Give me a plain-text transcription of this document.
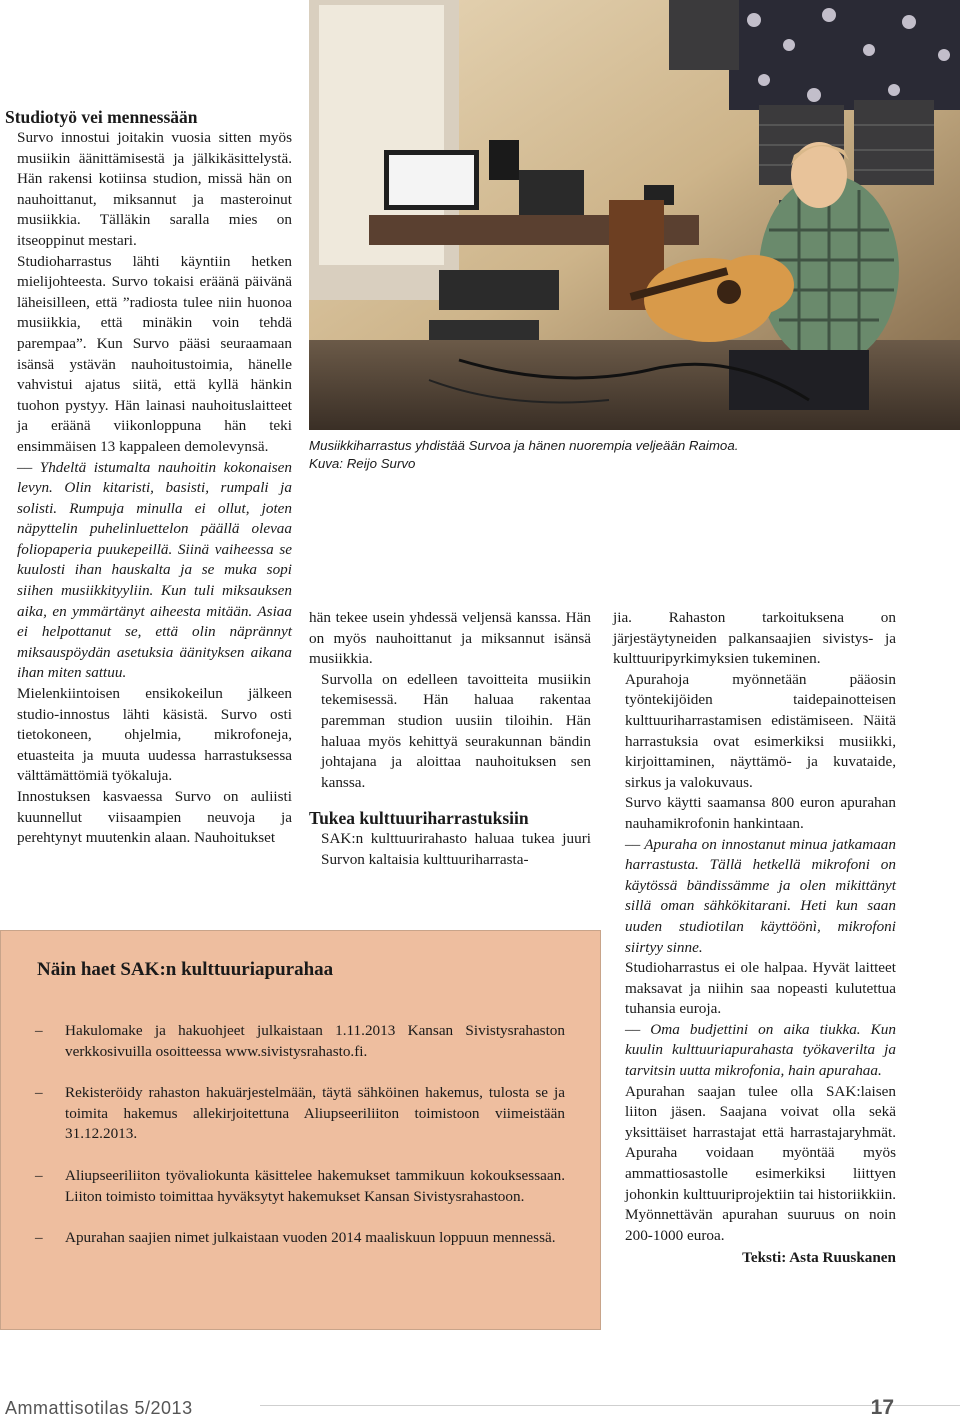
Studiotyö vei mennessään

Survo innostui joitakin vuosia sitten myös musiikin äänittämisestä ja jälkikäsittelystä. Hän rakensi kotiinsa studion, missä hän on nauhoittanut, miksannut ja masteroinut musiikkia. Tälläkin saralla mies on itseoppinut mestari.

Studioharrastus lähti käyntiin hetken mielijohteesta. Survo tokaisi eräänä päivänä läheisilleen, että ”radiosta tulee niin huonoa musiikkia, että minäkin voin tehdä parempaa”. Kun Survo pääsi seuraamaan isänsä ystävän nauhoitustoimia, hänelle vahvistui ajatus siitä, että kyllä hänkin tuohon pystyy. Hän lainasi nauhoituslaitteet ja eräänä viikonloppuna hän teki ensimmäisen 13 kappaleen demolevynsä.

–– Yhdeltä istumalta nauhoitin kokonaisen levyn. Olin kitaristi, basisti, rumpali ja solisti. Rumpuja minulla ei ollut, joten näpyttelin puhelinluettelon päällä olevaa foliopaperia puukepeillä. Siinä vaiheessa se kuulosti ihan hauskalta ja se muka sopi siihen musiikkityyliin. Kun tuli miksauksen aika, en ymmärtänyt aiheesta mitään. Asiaa ei helpottanut se, että olin näprännyt miksauspöydän asetuksia äänityksen aikana ihan miten sattuu.

Mielenkiintoisen ensikokeilun jälkeen studio-innostus lähti käsistä. Survo osti tietokoneen, ohjelmia, mikrofoneja, etuasteita ja muuta uudessa harrastuksessa välttämättömiä työkaluja.

Innostuksen kasvaessa Survo on auliisti kuunnellut viisaampien neuvoja ja perehtynyt muutenkin alaan. Nauhoitukset

Musiikkiharrastus yhdistää Survoa ja hänen nuorempia veljeään Raimoa.
Kuva: Reijo Survo

hän tekee usein yhdessä veljensä kanssa. Hän on myös nauhoittanut ja miksannut isänsä musiikkia.

Survolla on edelleen tavoitteita musiikin tekemisessä. Hän haluaa rakentaa paremman studion uusiin tiloihin. Hän haluaa myös kehittyä seurakunnan bändin johtajana ja aloittaa nauhoituksen sen kanssa.

Tukea kulttuuriharrastuksiin

SAK:n kulttuurirahasto haluaa tukea juuri Survon kaltaisia kulttuuriharrasta-

jia. Rahaston tarkoituksena on järjestäytyneiden palkansaajien sivistys- ja kulttuuripyrkimyksien tukeminen.

Apurahoja myönnetään pääosin työntekijöiden taidepainotteisen kulttuuriharrastamisen edistämiseen. Näitä harrastuksia ovat esimerkiksi musiikki, kirjoittaminen, näyttämö- ja kuvataide, sirkus ja valokuvaus.

Survo käytti saamansa 800 euron apurahan nauhamikrofonin hankintaan.

–– Apuraha on innostanut minua jatkamaan harrastusta. Tällä hetkellä mikrofoni on käytössä bändissämme ja olen mikittänyt sillä oman sähkökitarani. Heti kun saan uuden studiotilan käyttöönì, mikrofoni siirtyy sinne.

Studioharrastus ei ole halpaa. Hyvät laitteet maksavat ja niihin saa nopeasti kulutettua tuhansia euroja.

–– Oma budjettini on aika tiukka. Kun kuulin kulttuuriapurahasta työkaverilta ja tarvitsin uutta mikrofonia, hain apurahaa.

Apurahan saajan tulee olla SAK:laisen liiton jäsen. Saajana voivat olla sekä yksittäiset harrastajat että harrastajaryhmät. Apuraha voidaan myöntää myös ammattiosastolle esimerkiksi liittyen johonkin kulttuuriprojektiin tai historiikkiin. Myönnettävän apurahan suuruus on noin 200-1000 euroa.

Teksti: Asta Ruuskanen

Näin haet SAK:n kulttuuriapurahaa
– Hakulomake ja hakuohjeet julkaistaan 1.11.2013 Kansan Sivistysrahaston verkkosivuilla osoitteessa www.sivistysrahasto.fi.
– Rekisteröidy rahaston hakuärjestelmään, täytä sähköinen hakemus, tulosta se ja toimita hakemus allekirjoitettuna Aliupseeriliiton toimistoon viimeistään 31.12.2013.
– Aliupseeriliiton työvaliokunta käsittelee hakemukset tammikuun kokouksessaan. Liiton toimisto toimittaa hyväksytyt hakemukset Kansan Sivistysrahastoon.
– Apurahan saajien nimet julkaistaan vuoden 2014 maaliskuun loppuun mennessä.
Ammattisotilas 5/2013	17
